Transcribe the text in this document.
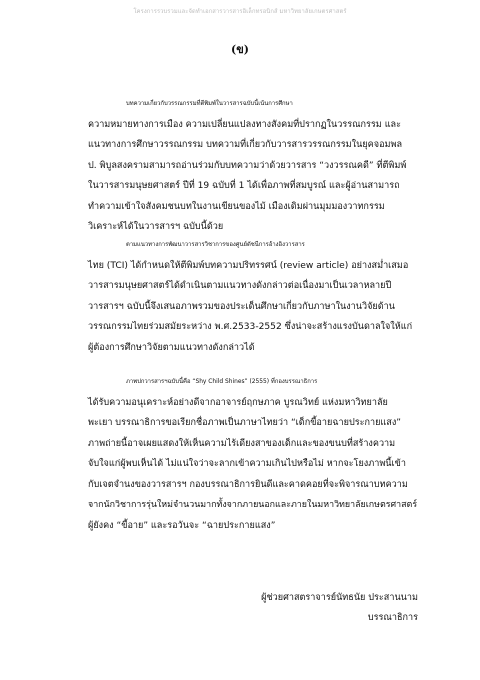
โครงการรวบรวมและจัดทำเอกสารวารสารอิเล็กทรอนิกส์ มหาวิทยาลัยเกษตรศาสตร์
(ข)
บทความเกี่ยวกับวรรณกรรมที่ตีพิมพ์ในวารสารฉบับนี้เน้นการศึกษา
ความหมายทางการเมือง ความเปลี่ยนแปลงทางสังคมที่ปรากฏในวรรณกรรม และ
แนวทางการศึกษาวรรณกรรม บทความที่เกี่ยวกับวารสารวรรณกรรมในยุคจอมพล
ป. พิบูลสงครามสามารถอ่านร่วมกับบทความว่าด้วยวารสาร “วงวรรณคดี” ที่ตีพิมพ์
ในวารสารมนุษยศาสตร์ ปีที่ 19 ฉบับที่ 1 ได้เพื่อภาพที่สมบูรณ์ และผู้อ่านสามารถ
ทำความเข้าใจสังคมชนบทในงานเขียนของไม้ เมืองเดิมผ่านมุมมองวาทกรรม
วิเคราะห์ได้ในวารสารฯ ฉบับนี้ด้วย
ตามแนวทางการพัฒนาวารสารวิชาการของศูนย์ดัชนีการอ้างอิงวารสาร
ไทย (TCI) ได้กำหนดให้ตีพิมพ์บทความปริทรรศน์ (review article) อย่างสม่ำเสมอ
วารสารมนุษยศาสตร์ได้ดำเนินตามแนวทางดังกล่าวต่อเนื่องมาเป็นเวลาหลายปี
วารสารฯ ฉบับนี้จึงเสนอภาพรวมของประเด็นศึกษาเกี่ยวกับภาษาในงานวิจัยด้าน
วรรณกรรมไทยร่วมสมัยระหว่าง พ.ศ.2533-2552 ซึ่งน่าจะสร้างแรงบันดาลใจให้แก่
ผู้ต้องการศึกษาวิจัยตามแนวทางดังกล่าวได้
ภาพปกวารสารฯฉบับนี้คือ “Shy Child Shines” (2555) ที่กองบรรณาธิการ
ได้รับความอนุเคราะห์อย่างดีจากอาจารย์ฤกษภาค บูรณวิทย์ แห่งมหาวิทยาลัย
พะเยา บรรณาธิการขอเรียกชื่อภาพเป็นภาษาไทยว่า “เด็กขี้อายฉายประกายแสง”
ภาพถ่ายนี้อาจเผยแสดงให้เห็นความไร้เดียงสาของเด็กและของขนบที่สร้างความ
จับใจแก่ผู้พบเห็นได้ ไม่แน่ใจว่าจะลากเข้าความเกินไปหรือไม่ หากจะโยงภาพนี้เข้า
กับเจตจำนงของวารสารฯ กองบรรณาธิการยินดีและคาดคอยที่จะพิจารณาบทความ
จากนักวิชาการรุ่นใหม่จำนวนมากทั้งจากภายนอกและภายในมหาวิทยาลัยเกษตรศาสตร์
ผู้ยังคง “ขี้อาย” และรอวันจะ “ฉายประกายแสง”
ผู้ช่วยศาสตราจารย์นัทธนัย ประสานนาม
บรรณาธิการ
